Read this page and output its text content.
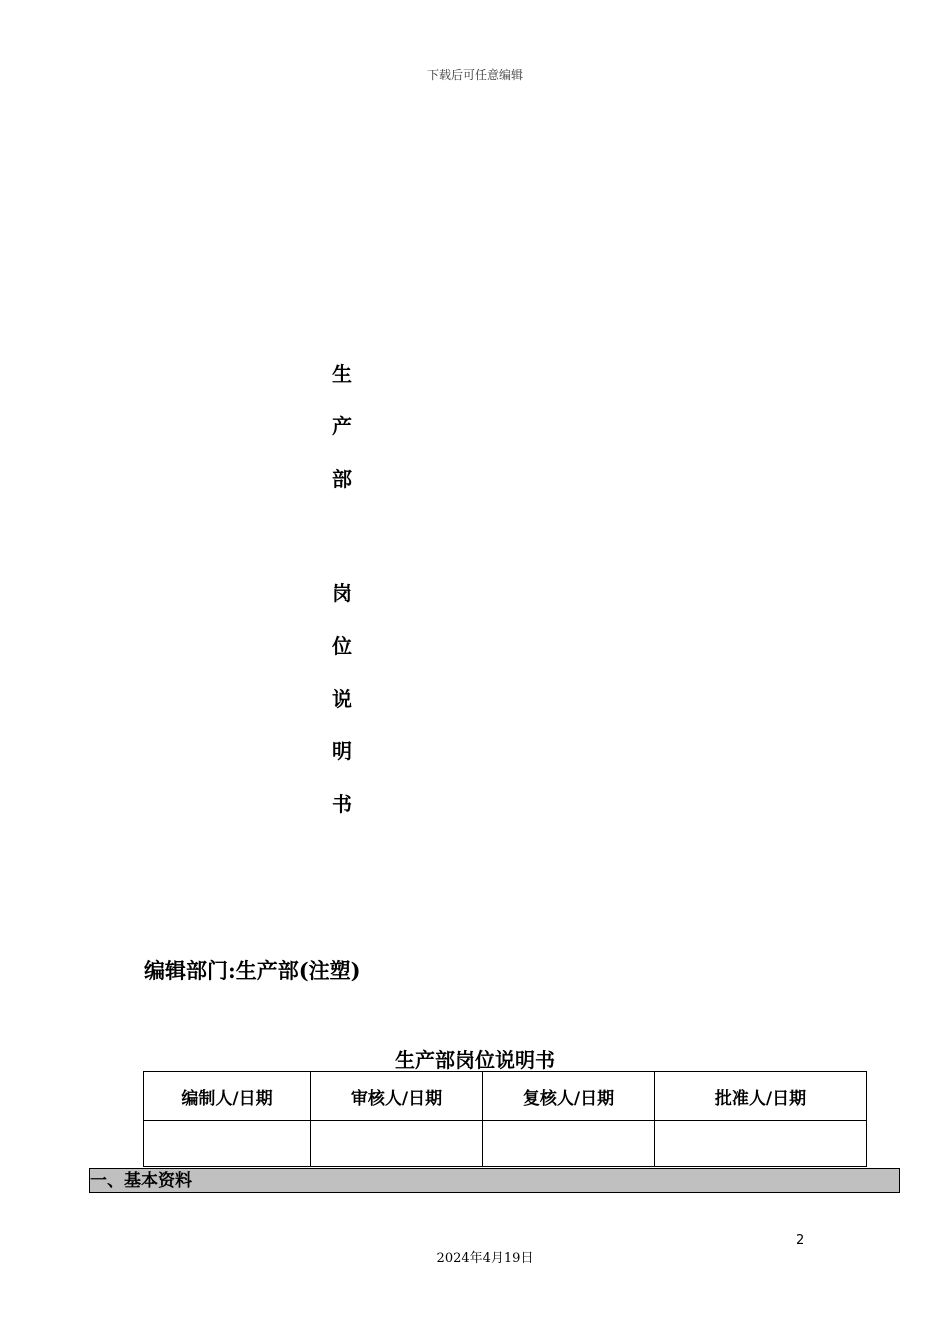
下载后可任意编辑
生
产
部
岗
位
说
明
书
编辑部门:生产部(注塑)
生产部岗位说明书
编制人/日期	审核人/日期	复核人/日期	批准人/日期

一、基本资料
2
2024年4月19日
